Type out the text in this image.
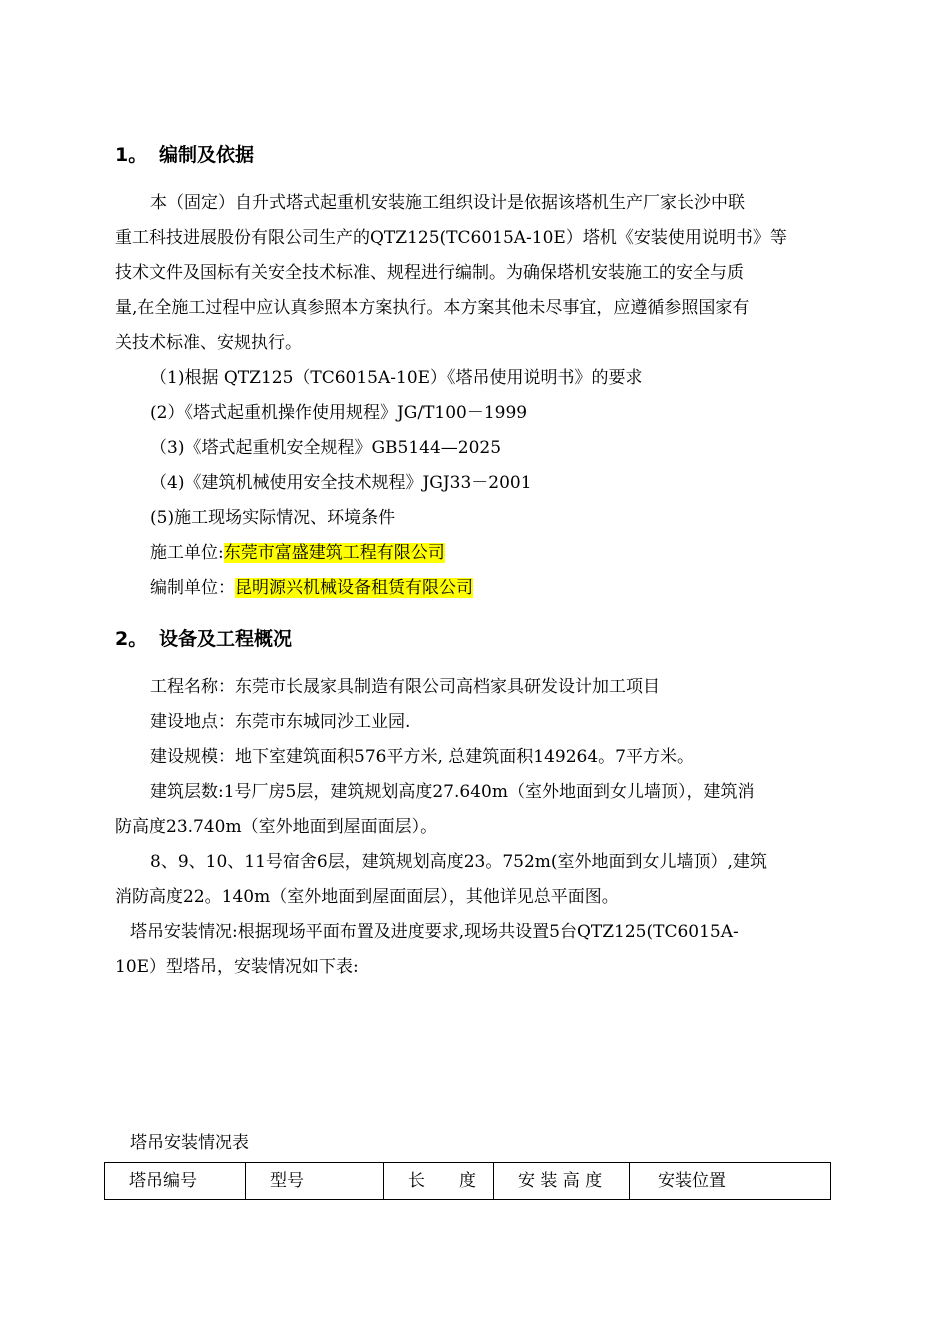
1。 编制及依据
本（固定）自升式塔式起重机安装施工组织设计是依据该塔机生产厂家长沙中联
重工科技进展股份有限公司生产的QTZ125(TC6015A-10E）塔机《安装使用说明书》等
技术文件及国标有关安全技术标准、规程进行编制。为确保塔机安装施工的安全与质
量,在全施工过程中应认真参照本方案执行。本方案其他未尽事宜，应遵循参照国家有
关技术标准、安规执行。
（1)根据 QTZ125（TC6015A-10E）《塔吊使用说明书》的要求
(2）《塔式起重机操作使用规程》JG/T100－1999
（3)《塔式起重机安全规程》GB5144—2025
（4)《建筑机械使用安全技术规程》JGJ33－2001
(5)施工现场实际情况、环境条件
施工单位:东莞市富盛建筑工程有限公司
编制单位：昆明源兴机械设备租赁有限公司
2。 设备及工程概况
工程名称：东莞市长晟家具制造有限公司高档家具研发设计加工项目
建设地点：东莞市东城同沙工业园.
建设规模：地下室建筑面积576平方米, 总建筑面积149264。7平方米。
建筑层数:1号厂房5层，建筑规划高度27.640m（室外地面到女儿墙顶），建筑消
防高度23.740m（室外地面到屋面面层）。
8、9、10、11号宿舍6层，建筑规划高度23。752m(室外地面到女儿墙顶）,建筑
消防高度22。140m（室外地面到屋面面层），其他详见总平面图。
塔吊安装情况:根据现场平面布置及进度要求,现场共设置5台QTZ125(TC6015A-
10E）型塔吊，安装情况如下表:
塔吊安装情况表
塔吊编号	型号	长　　度	安 装 高 度	安装位置
